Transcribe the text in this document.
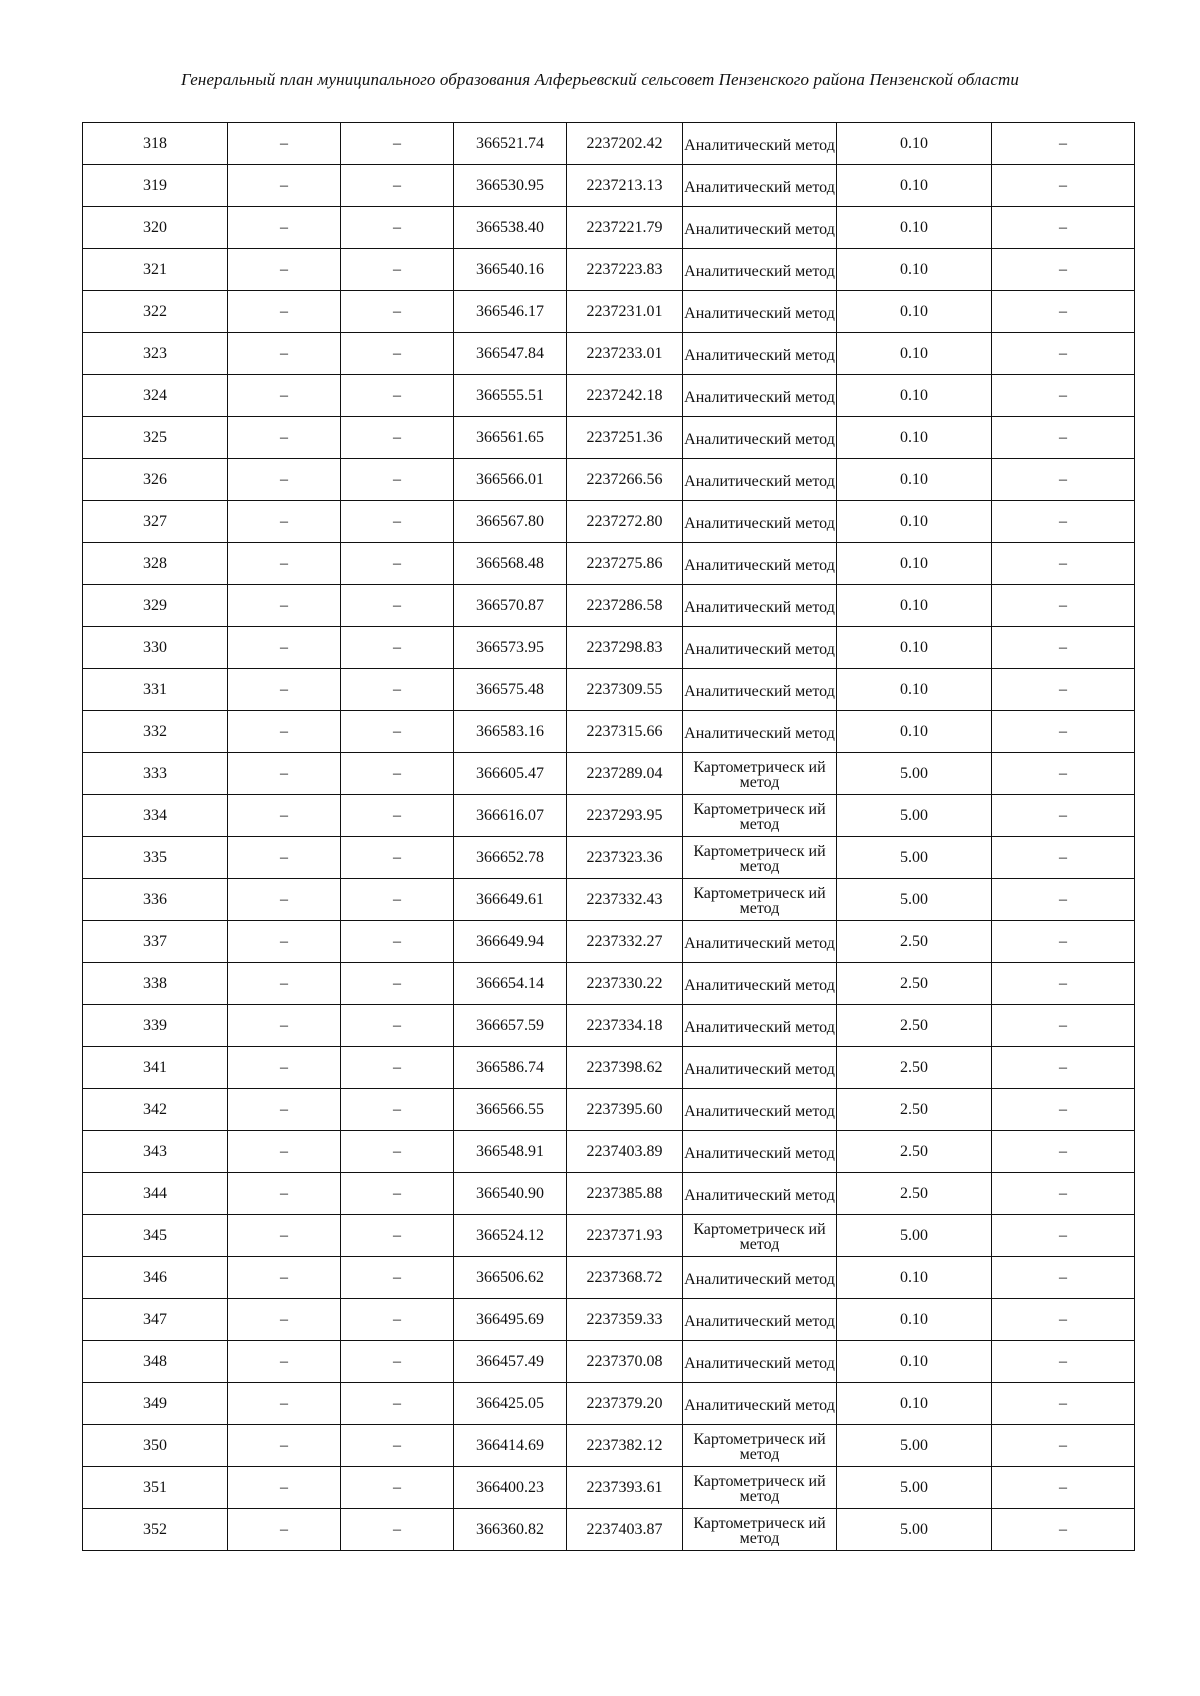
Генеральный план муниципального образования Алферьевский сельсовет Пензенского района Пензенской области
318	–	–	366521.74	2237202.42	Аналитический метод	0.10	–
319	–	–	366530.95	2237213.13	Аналитический метод	0.10	–
320	–	–	366538.40	2237221.79	Аналитический метод	0.10	–
321	–	–	366540.16	2237223.83	Аналитический метод	0.10	–
322	–	–	366546.17	2237231.01	Аналитический метод	0.10	–
323	–	–	366547.84	2237233.01	Аналитический метод	0.10	–
324	–	–	366555.51	2237242.18	Аналитический метод	0.10	–
325	–	–	366561.65	2237251.36	Аналитический метод	0.10	–
326	–	–	366566.01	2237266.56	Аналитический метод	0.10	–
327	–	–	366567.80	2237272.80	Аналитический метод	0.10	–
328	–	–	366568.48	2237275.86	Аналитический метод	0.10	–
329	–	–	366570.87	2237286.58	Аналитический метод	0.10	–
330	–	–	366573.95	2237298.83	Аналитический метод	0.10	–
331	–	–	366575.48	2237309.55	Аналитический метод	0.10	–
332	–	–	366583.16	2237315.66	Аналитический метод	0.10	–
333	–	–	366605.47	2237289.04	Картометрическ ий метод	5.00	–
334	–	–	366616.07	2237293.95	Картометрическ ий метод	5.00	–
335	–	–	366652.78	2237323.36	Картометрическ ий метод	5.00	–
336	–	–	366649.61	2237332.43	Картометрическ ий метод	5.00	–
337	–	–	366649.94	2237332.27	Аналитический метод	2.50	–
338	–	–	366654.14	2237330.22	Аналитический метод	2.50	–
339	–	–	366657.59	2237334.18	Аналитический метод	2.50	–
341	–	–	366586.74	2237398.62	Аналитический метод	2.50	–
342	–	–	366566.55	2237395.60	Аналитический метод	2.50	–
343	–	–	366548.91	2237403.89	Аналитический метод	2.50	–
344	–	–	366540.90	2237385.88	Аналитический метод	2.50	–
345	–	–	366524.12	2237371.93	Картометрическ ий метод	5.00	–
346	–	–	366506.62	2237368.72	Аналитический метод	0.10	–
347	–	–	366495.69	2237359.33	Аналитический метод	0.10	–
348	–	–	366457.49	2237370.08	Аналитический метод	0.10	–
349	–	–	366425.05	2237379.20	Аналитический метод	0.10	–
350	–	–	366414.69	2237382.12	Картометрическ ий метод	5.00	–
351	–	–	366400.23	2237393.61	Картометрическ ий метод	5.00	–
352	–	–	366360.82	2237403.87	Картометрическ ий метод	5.00	–
